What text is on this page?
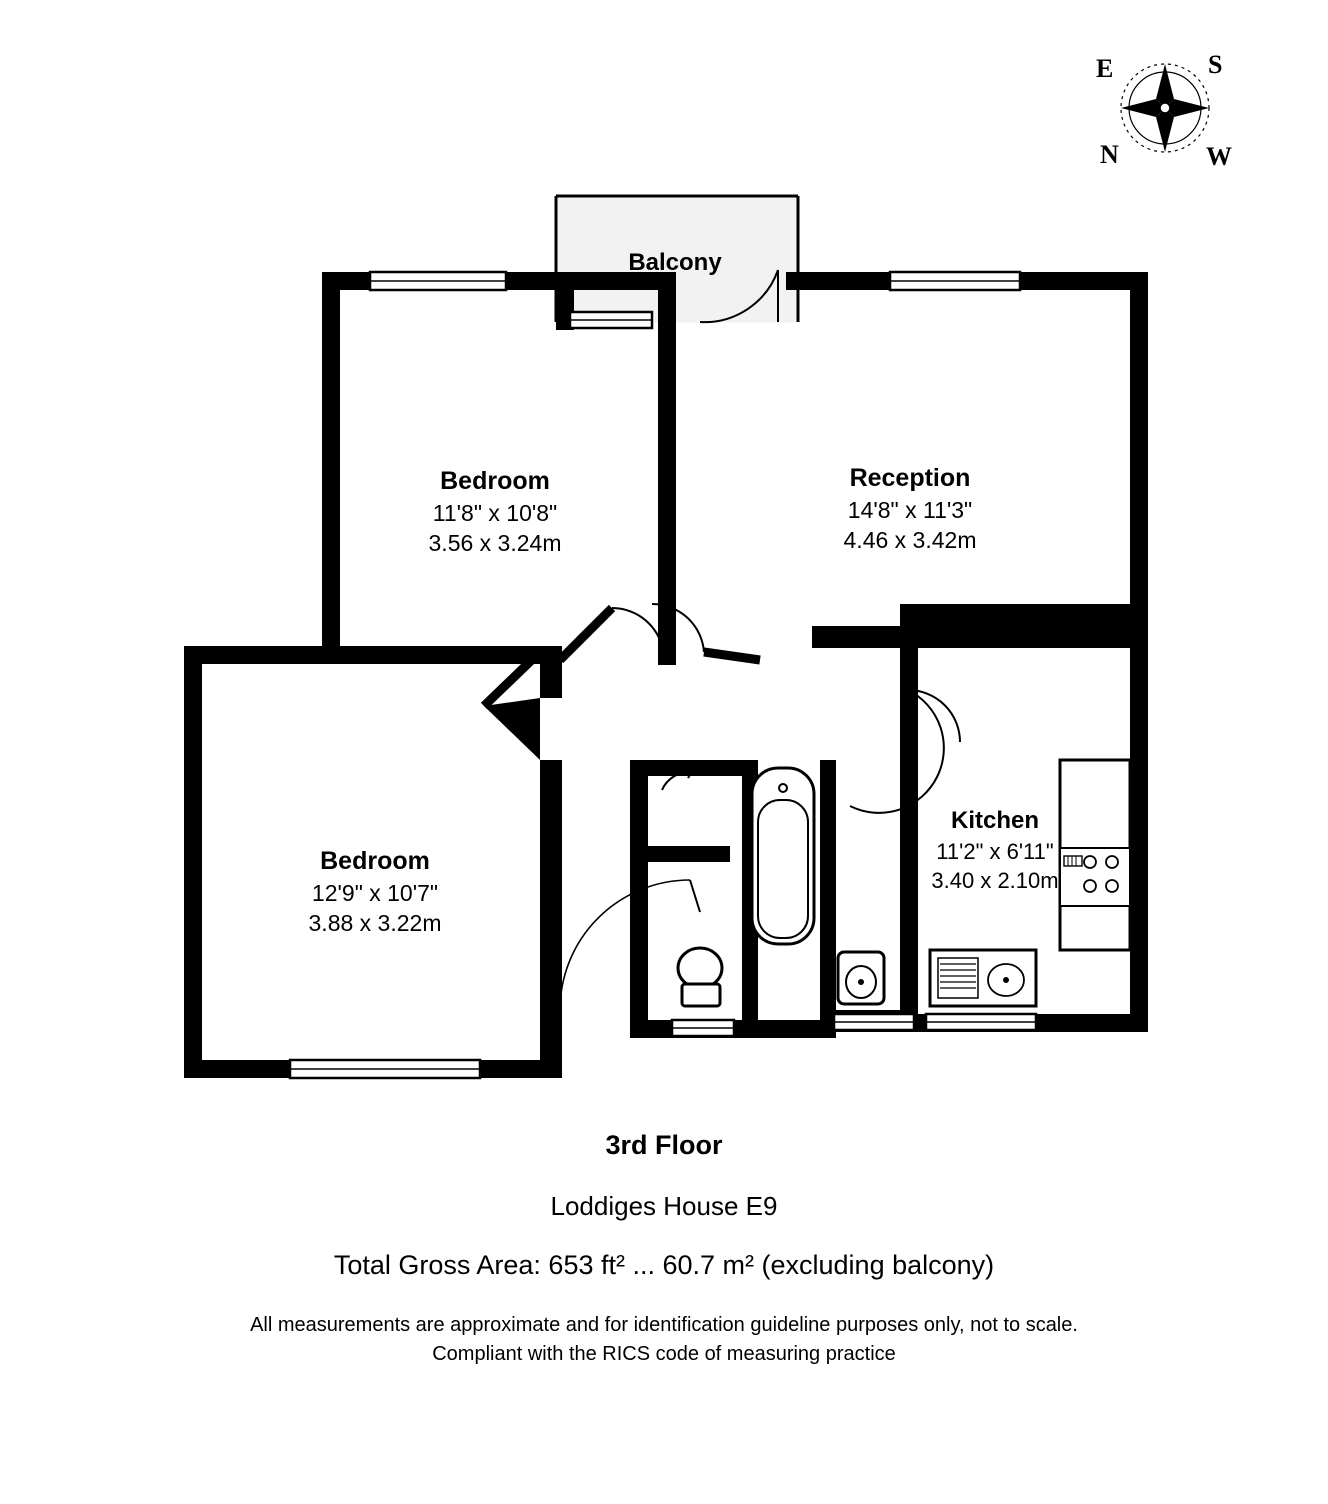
E	S
N	W
Balcony
Bedroom
11'8" x 10'8"
3.56 x 3.24m
Reception
14'8" x 11'3"
4.46 x 3.42m
Bedroom
12'9" x 10'7"
3.88 x 3.22m
Kitchen
11'2" x 6'11"
3.40 x 2.10m
3rd Floor
Loddiges House E9
Total Gross Area: 653 ft² ... 60.7 m² (excluding balcony)
All measurements are approximate and for identification guideline purposes only, not to scale.
Compliant with the RICS code of measuring practice
